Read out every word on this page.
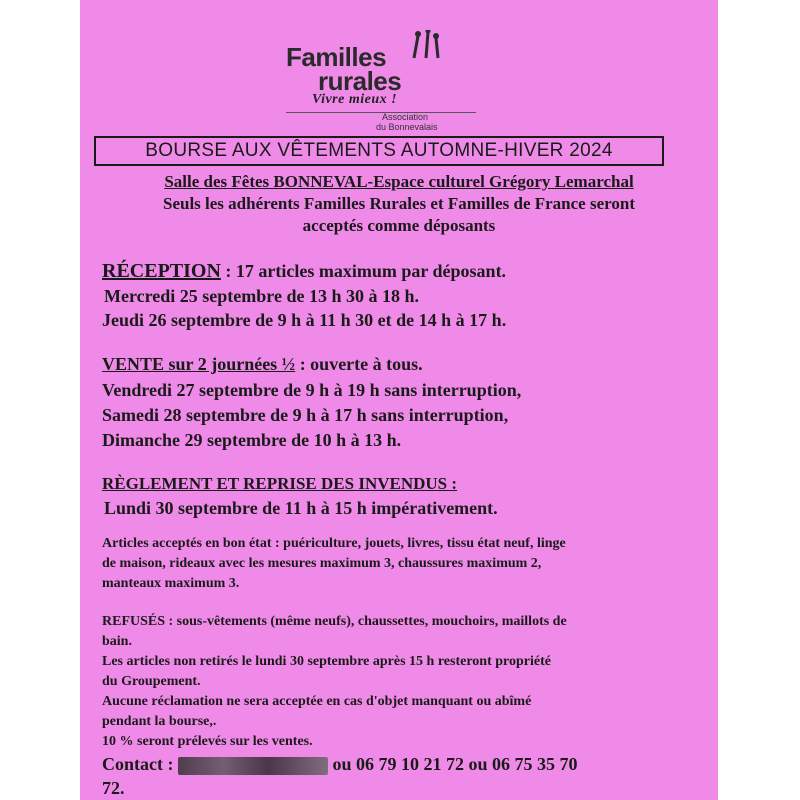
Familles
rurales
Vivre mieux !
Association
du Bonnevalais
BOURSE AUX VÊTEMENTS AUTOMNE-HIVER 2024
Salle des Fêtes BONNEVAL-Espace culturel Grégory Lemarchal
Seuls les adhérents Familles Rurales et Familles de France seront
acceptés comme déposants
RÉCEPTION : 17 articles maximum par déposant.
Mercredi 25 septembre de 13 h 30 à 18 h.
Jeudi 26 septembre de 9 h à 11 h 30 et de 14 h à 17 h.
VENTE sur 2 journées ½ : ouverte à tous.
Vendredi 27 septembre de 9 h à 19 h sans interruption,
Samedi 28 septembre de 9 h à 17 h sans interruption,
Dimanche 29 septembre de 10 h à 13 h.
RÈGLEMENT ET REPRISE DES INVENDUS :
Lundi 30 septembre de 11 h à 15 h impérativement.
Articles acceptés en bon état : puériculture, jouets, livres, tissu état neuf, linge
de maison, rideaux avec les mesures maximum 3, chaussures maximum 2,
manteaux maximum 3.
REFUSÉS : sous-vêtements (même neufs), chaussettes, mouchoirs, maillots de
bain.
Les articles non retirés le lundi 30 septembre après 15 h resteront propriété
du Groupement.
Aucune réclamation ne sera acceptée en cas d'objet manquant ou abîmé
pendant la bourse,.
10 % seront prélevés sur les ventes.
Contact :	ou 06 79 10 21 72 ou 06 75 35 70
72.
